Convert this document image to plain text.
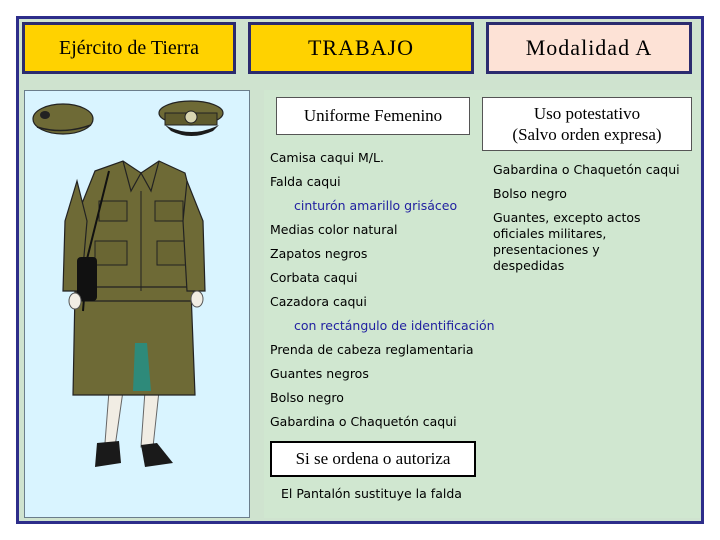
Ejército de Tierra	TRABAJO	Modalidad A
Uniforme Femenino	Uso potestativo
(Salvo orden expresa)
Camisa caqui M/L.
Falda caqui
cinturón amarillo grisáceo
Medias color natural
Zapatos negros
Corbata caqui
Cazadora caqui
con rectángulo de identificación
Prenda de cabeza reglamentaria
Guantes negros
Bolso negro
Gabardina o Chaquetón caqui
Gabardina o Chaquetón caqui
Bolso negro
Guantes, excepto actos
oficiales militares,
presentaciones y
despedidas
Si se ordena o autoriza
El Pantalón sustituye la falda
